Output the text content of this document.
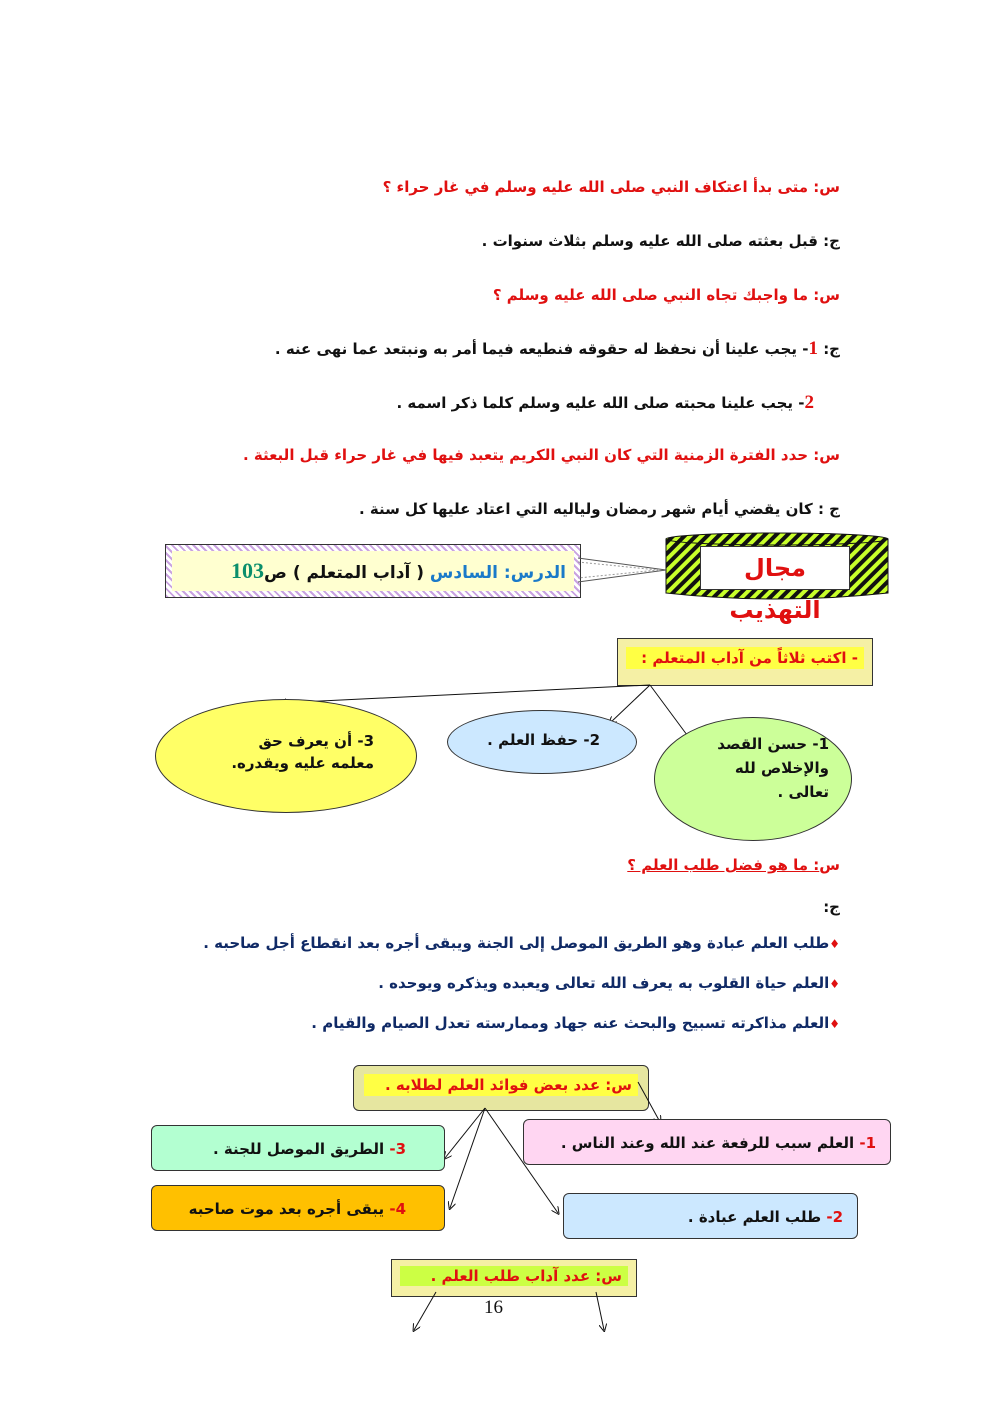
س: متى بدأ اعتكاف النبي صلى الله عليه وسلم في غار حراء ؟
ج: قبل بعثته صلى الله عليه وسلم بثلاث سنوات .
س: ما واجبك تجاه النبي صلى الله عليه وسلم ؟
ج: 1- يجب علينا أن نحفظ له حقوقه فنطيعه فيما أمر به ونبتعد عما نهى عنه .
2- يجب علينا محبته صلى الله عليه وسلم كلما ذكر اسمه .
س: حدد الفترة الزمنية التي كان النبي الكريم يتعبد فيها في غار حراء قبل البعثة .
ج : كان يقضي أيام شهر رمضان ولياليه التي اعتاد عليها كل سنة .
مجال التهذيب
الدرس: السادس ( آداب المتعلم ) ص103
- اكتب ثلاثاً من آداب المتعلم :
3- أن يعرف حق معلمه عليه ويقدره.
2- حفظ العلم .	1- حسن القصد والإخلاص لله تعالى .
س: ما هو فضل طلب العلم ؟
ج:
♦طلب العلم عبادة وهو الطريق الموصل إلى الجنة ويبقى أجره بعد انقطاع أجل صاحبه .
♦العلم حياة القلوب به يعرف الله تعالى ويعبده ويذكره ويوحده .
♦العلم مذاكرته تسبيح والبحث عنه جهاد وممارسته تعدل الصيام والقيام .
س: عدد بعض فوائد العلم لطلابه .
1- العلم سبب للرفعة عند الله وعند الناس .
2- طلب العلم عبادة .
3- الطريق الموصل للجنة .
4- يبقى أجره بعد موت صاحبه
س: عدد آداب طلب العلم .
16
